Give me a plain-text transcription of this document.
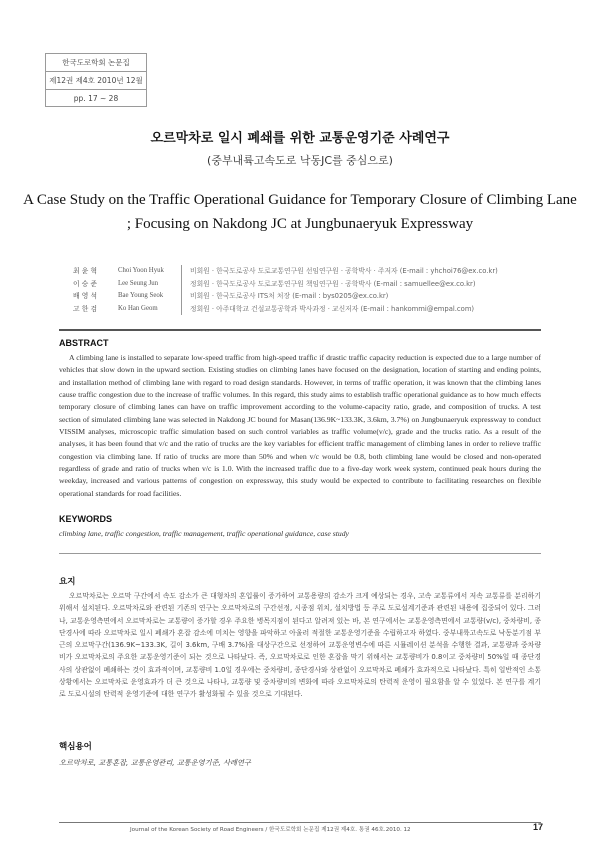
한국도로학회 논문집
제12권 제4호 2010년 12월
pp. 17 ~ 28
오르막차로 일시 폐쇄를 위한 교통운영기준 사례연구
(중부내륙고속도로 낙동JC를 중심으로)
A Case Study on the Traffic Operational Guidance for Temporary Closure of Climbing Lane
; Focusing on Nakdong JC at Jungbunaeryuk Expressway
최 윤 혁	Choi Yoon Hyuk	비회원 · 한국도로공사 도로교통연구원 선임연구원 · 공학박사 · 주저자 (E-mail : yhchoi76@ex.co.kr)
이 승 준	Lee Seung Jun	정회원 · 한국도로공사 도로교통연구원 책임연구원 · 공학박사 (E-mail : samuellee@ex.co.kr)
배 영 석	Bae Young Seok	비회원 · 한국도로공사 ITS처 처장 (E-mail : bys0205@ex.co.kr)
고 한 검	Ko Han Geom	정회원 · 아주대학교 건설교통공학과 박사과정 · 교신저자 (E-mail : hankommi@empal.com)
ABSTRACT

A climbing lane is installed to separate low-speed traffic from high-speed traffic if drastic traffic capacity reduction is expected due to a large number of vehicles that slow down in the upward section. Existing studies on climbing lanes have focused on the designation, location of starting and ending points, and installation method of climbing lane with regard to road design standards. However, in terms of traffic operation, it was known that the climbing lanes cause traffic congestion due to the increase of traffic volumes. In this regard, this study aims to establish traffic operational guidance as to how much effects temporary closure of climbing lanes can have on traffic improvement according to the volume-capacity ratio, grade, and composition of trucks. A test section of simulated climbing lane was selected in Nakdong JC bound for Masan(136.9K~133.3K, 3.6km, 3.7%) on Jungbunaeryuk expressway to conduct VISSIM analyses, microscopic traffic simulation based on such control variables as traffic volume(v/c), grade and the trucks ratio. As a result of the analyses, it has been found that v/c and the ratio of trucks are the key variables for efficient traffic management of climbing lanes in order to relieve traffic congestion via climbing lane. If ratio of trucks are more than 50% and when v/c would be 0.8, both climbing lane would be closed and non-operated regardless of grade and ratio of trucks when v/c is 1.0. With the increased traffic due to a five-day work week system, continued peak hours during the weekday, increased and various patterns of congestion on expressway, this study would be expected to contribute to facilitating researches on flexible operational standards for road facilities.

KEYWORDS

climbing lane, traffic congestion, traffic management, traffic operational guidance, case study

요지

오르막차로는 오르막 구간에서 속도 감소가 큰 대형차의 혼입률이 증가하여 교통용량의 감소가 크게 예상되는 경우, 고속 교통류에서 저속 교통류를 분리하기 위해서 설치된다. 오르막차로와 관련된 기존의 연구는 오르막차로의 구간선정, 시종점 위치, 설치방법 등 주로 도로설계기준과 관련된 내용에 집중되어 있다. 그러나, 교통운영측면에서 오르막차로는 교통량이 증가할 경우 주요한 병목지점이 된다고 알려져 있는 바, 본 연구에서는 교통운영측면에서 교통량(v/c), 중차량비, 종단경사에 따라 오르막차로 일시 폐쇄가 혼잡 감소에 미치는 영향을 파악하고 아울러 적절한 교통운영기준을 수립하고자 하였다. 중부내륙고속도로 낙동분기점 부근의 오르막구간(136.9K~133.3K, 길이 3.6km, 구배 3.7%)을 대상구간으로 선정하여 교통운영변수에 따른 시뮬레이션 분석을 수행한 결과, 교통량과 중차량비가 오르막차로의 주요한 교통운영기준이 되는 것으로 나타났다. 즉, 오르막차로로 인한 혼잡을 막기 위해서는 교통량비가 0.8이고 중차량비 50%일 때 종단경사의 상관없이 폐쇄하는 것이 효과적이며, 교통량비 1.0일 경우에는 중차량비, 종단경사와 상관없이 오르막차로 폐쇄가 효과적으로 나타났다. 특히 일반적인 소통상황에서는 오르막차로 운영효과가 더 큰 것으로 나타나, 교통량 및 중차량비의 변화에 따라 오르막차로의 탄력적 운영이 필요함을 알 수 있었다. 본 연구를 계기로 도로시설의 탄력적 운영기준에 대한 연구가 활성화될 수 있을 것으로 기대된다.

핵심용어

오르막차로, 교통혼잡, 교통운영관리, 교통운영기준, 사례연구

Journal of the Korean Society of Road Engineers / 한국도로학회 논문집 제12권 제4호. 통권 46호.2010. 12	17
